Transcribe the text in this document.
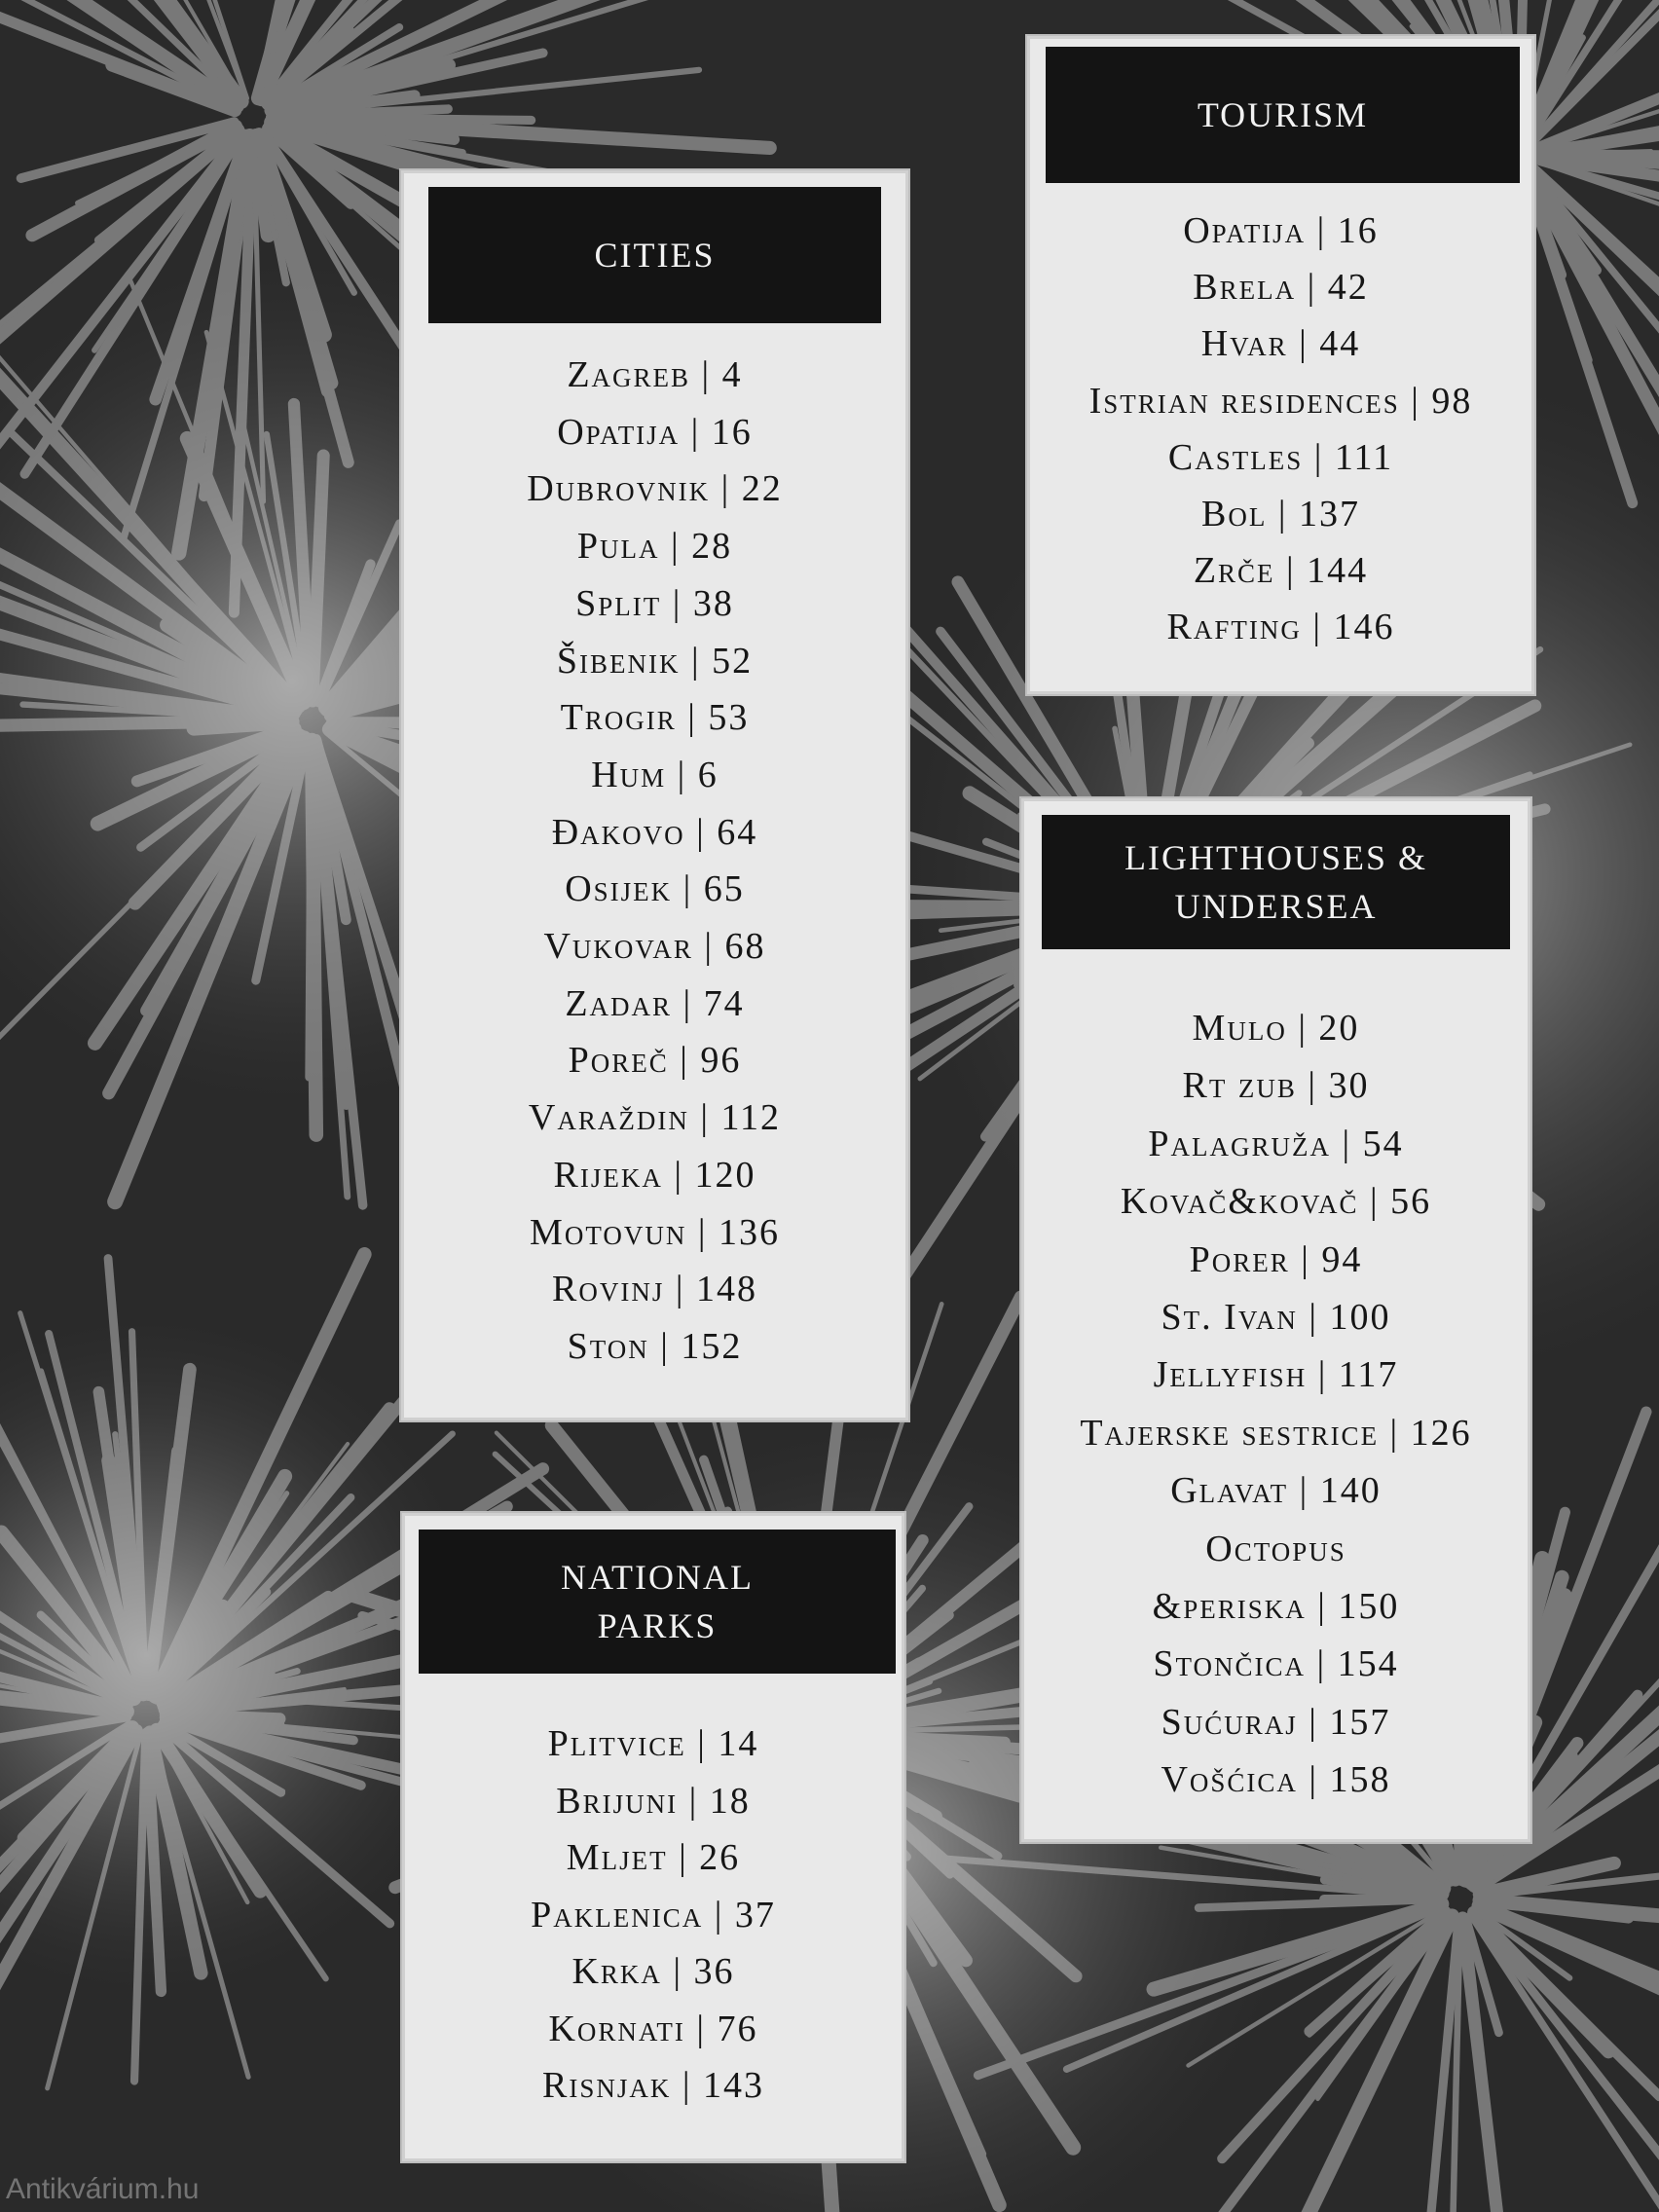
CITIES
Zagreb | 4
Opatija | 16
Dubrovnik | 22
Pula | 28
Split | 38
Šibenik | 52
Trogir | 53
Hum | 6
Đakovo | 64
Osijek | 65
Vukovar | 68
Zadar | 74
Poreč | 96
Varaždin | 112
Rijeka | 120
Motovun | 136
Rovinj | 148
Ston | 152
TOURISM
Opatija | 16
Brela | 42
Hvar | 44
Istrian residences | 98
Castles | 111
Bol | 137
Zrče | 144
Rafting | 146
LIGHTHOUSES &
UNDERSEA
Mulo | 20
Rt zub | 30
Palagruža | 54
Kovač&kovač | 56
Porer | 94
St. Ivan | 100
Jellyfish | 117
Tajerske sestrice | 126
Glavat | 140
Octopus
&periska | 150
Stončica | 154
Sućuraj | 157
Vošćica | 158
NATIONAL
PARKS
Plitvice | 14
Brijuni | 18
Mljet | 26
Paklenica | 37
Krka | 36
Kornati | 76
Risnjak | 143
Antikvárium.hu
